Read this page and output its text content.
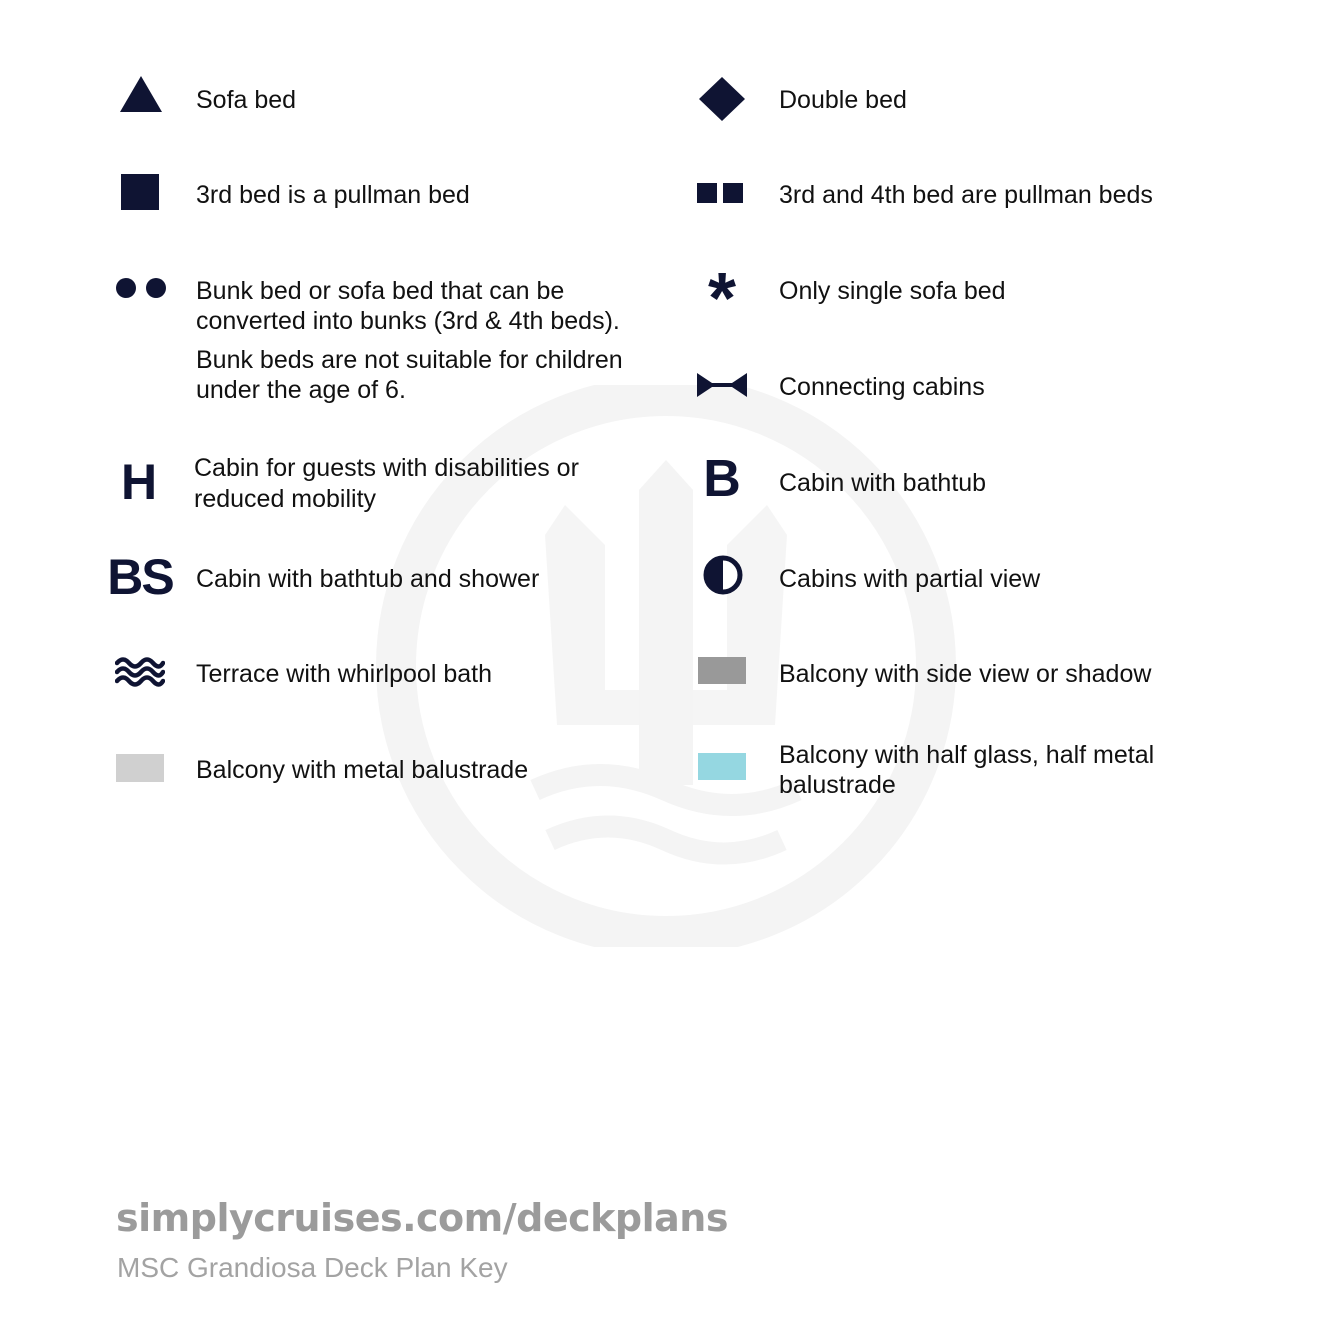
Sofa bed
3rd bed is a pullman bed
Bunk bed or sofa bed that can be
converted into bunks (3rd & 4th beds).
Bunk beds are not suitable for children
under the age of 6.
H	Cabin for guests with disabilities or
reduced mobility
BS Cabin with bathtub and shower
Terrace with whirlpool bath
Balcony with metal balustrade
Double bed
3rd and 4th bed are pullman beds
*	Only single sofa bed
Connecting cabins
B Cabin with bathtub
Cabins with partial view
Balcony with side view or shadow
Balcony with half glass, half metal
balustrade
simplycruises.com/deckplans
MSC Grandiosa Deck Plan Key
